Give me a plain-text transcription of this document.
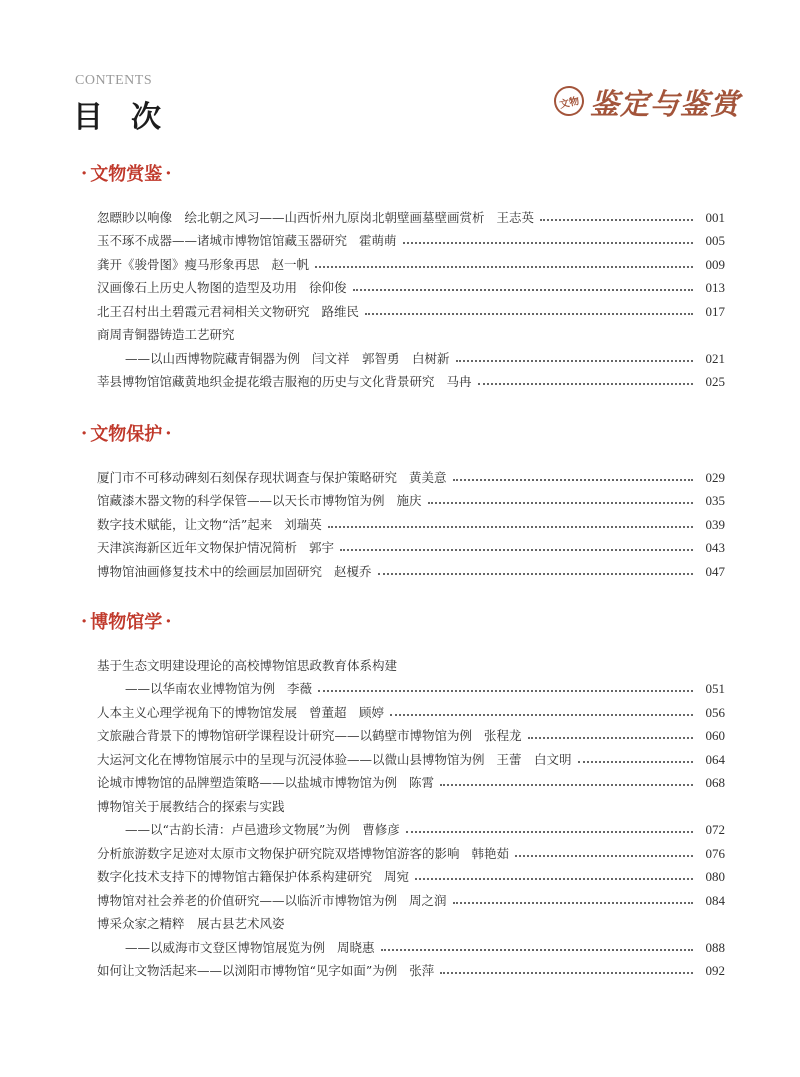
CONTENTS
目次	文物 鉴定与鉴赏
· 文物赏鉴 ·
忽瞟眇以响像　绘北朝之风习——山西忻州九原岗北朝壁画墓壁画赏析 王志英	001
玉不琢不成器——诸城市博物馆馆藏玉器研究 霍萌萌	005
龚开《骏骨图》瘦马形象再思 赵一帆	009
汉画像石上历史人物图的造型及功用 徐仰俊	013
北王召村出土碧霞元君祠相关文物研究 路维民	017
商周青铜器铸造工艺研究
——以山西博物院藏青铜器为例 闫文祥　郭智勇　白树新	021
莘县博物馆馆藏黄地织金提花缎吉服袍的历史与文化背景研究 马冉	025
· 文物保护 ·
厦门市不可移动碑刻石刻保存现状调查与保护策略研究 黄美意	029
馆藏漆木器文物的科学保管——以天长市博物馆为例 施庆	035
数字技术赋能，让文物“活”起来 刘瑞英	039
天津滨海新区近年文物保护情况简析 郭宇	043
博物馆油画修复技术中的绘画层加固研究 赵榎乔	047
· 博物馆学 ·
基于生态文明建设理论的高校博物馆思政教育体系构建
——以华南农业博物馆为例 李薇	051
人本主义心理学视角下的博物馆发展 曾董超　顾婷	056
文旅融合背景下的博物馆研学课程设计研究——以鹤壁市博物馆为例 张程龙	060
大运河文化在博物馆展示中的呈现与沉浸体验——以微山县博物馆为例 王蕾　白文明	064
论城市博物馆的品牌塑造策略——以盐城市博物馆为例 陈霄	068
博物馆关于展教结合的探索与实践
——以“古韵长清：卢邑遗珍文物展”为例 曹修彦	072
分析旅游数字足迹对太原市文物保护研究院双塔博物馆游客的影响 韩艳茹	076
数字化技术支持下的博物馆古籍保护体系构建研究 周宛	080
博物馆对社会养老的价值研究——以临沂市博物馆为例 周之润	084
博采众家之精粹　展古县艺术风姿
——以威海市文登区博物馆展览为例 周晓惠	088
如何让文物活起来——以浏阳市博物馆“见字如面”为例 张萍	092
